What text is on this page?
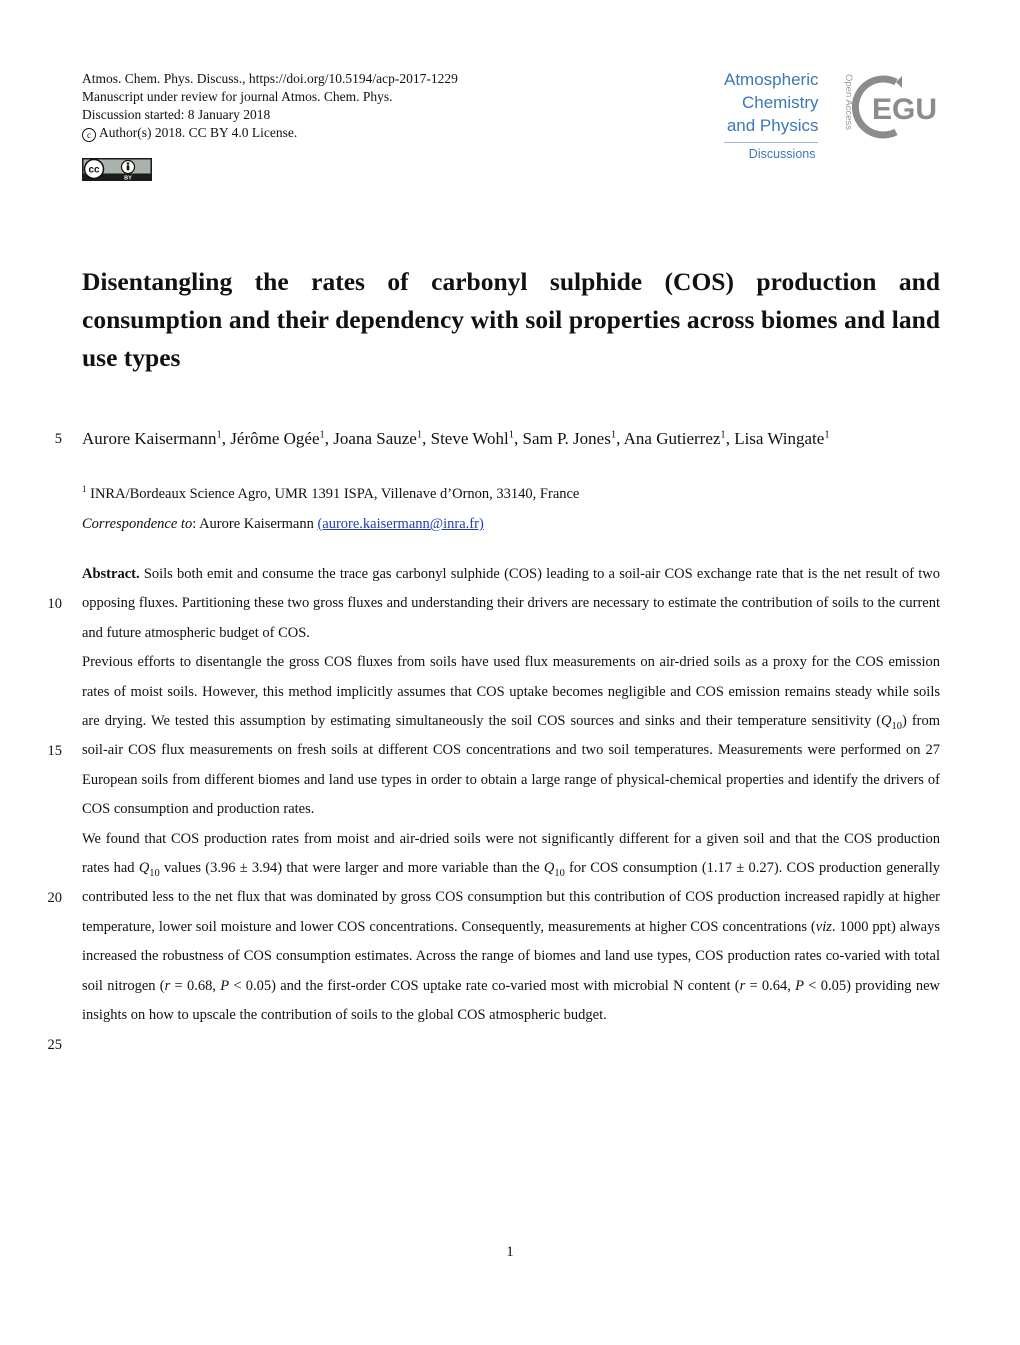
Atmos. Chem. Phys. Discuss., https://doi.org/10.5194/acp-2017-1229
Manuscript under review for journal Atmos. Chem. Phys.
Discussion started: 8 January 2018
c Author(s) 2018. CC BY 4.0 License.
cc
BY
Atmospheric
Chemistry
and Physics
Discussions
Open Access EGU
Disentangling the rates of carbonyl sulphide (COS) production and consumption and their dependency with soil properties across biomes and land use types
5 Aurore Kaisermann$^1$, Jérôme Ogée$^1$, Joana Sauze$^1$, Steve Wohl$^1$, Sam P. Jones$^1$, Ana Gutierrez$^1$, Lisa Wingate$^1$
$^1$ INRA/Bordeaux Science Agro, UMR 1391 ISPA, Villenave d’Ornon, 33140, France
Correspondence to: Aurore Kaisermann (aurore.kaisermann@inra.fr)
10
15
20
25

Abstract. Soils both emit and consume the trace gas carbonyl sulphide (COS) leading to a soil-air COS exchange rate that is the net result of two opposing fluxes. Partitioning these two gross fluxes and understanding their drivers are necessary to estimate the contribution of soils to the current and future atmospheric budget of COS.

Previous efforts to disentangle the gross COS fluxes from soils have used flux measurements on air-dried soils as a proxy for the COS emission rates of moist soils. However, this method implicitly assumes that COS uptake becomes negligible and COS emission remains steady while soils are drying. We tested this assumption by estimating simultaneously the soil COS sources and sinks and their temperature sensitivity $(Q_{10})$ from soil-air COS flux measurements on fresh soils at different COS concentrations and two soil temperatures. Measurements were performed on 27 European soils from different biomes and land use types in order to obtain a large range of physical-chemical properties and identify the drivers of COS consumption and production rates.

We found that COS production rates from moist and air-dried soils were not significantly different for a given soil and that the COS production rates had $Q_{10}$ values (3.96 ± 3.94) that were larger and more variable than the $Q_{10}$ for COS consumption (1.17 ± 0.27). COS production generally contributed less to the net flux that was dominated by gross COS consumption but this contribution of COS production increased rapidly at higher temperature, lower soil moisture and lower COS concentrations. Consequently, measurements at higher COS concentrations (viz. 1000 ppt) always increased the robustness of COS consumption estimates. Across the range of biomes and land use types, COS production rates co-varied with total soil nitrogen (r = 0.68, P < 0.05) and the first-order COS uptake rate co-varied most with microbial N content (r = 0.64, P < 0.05) providing new insights on how to upscale the contribution of soils to the global COS atmospheric budget.

1
